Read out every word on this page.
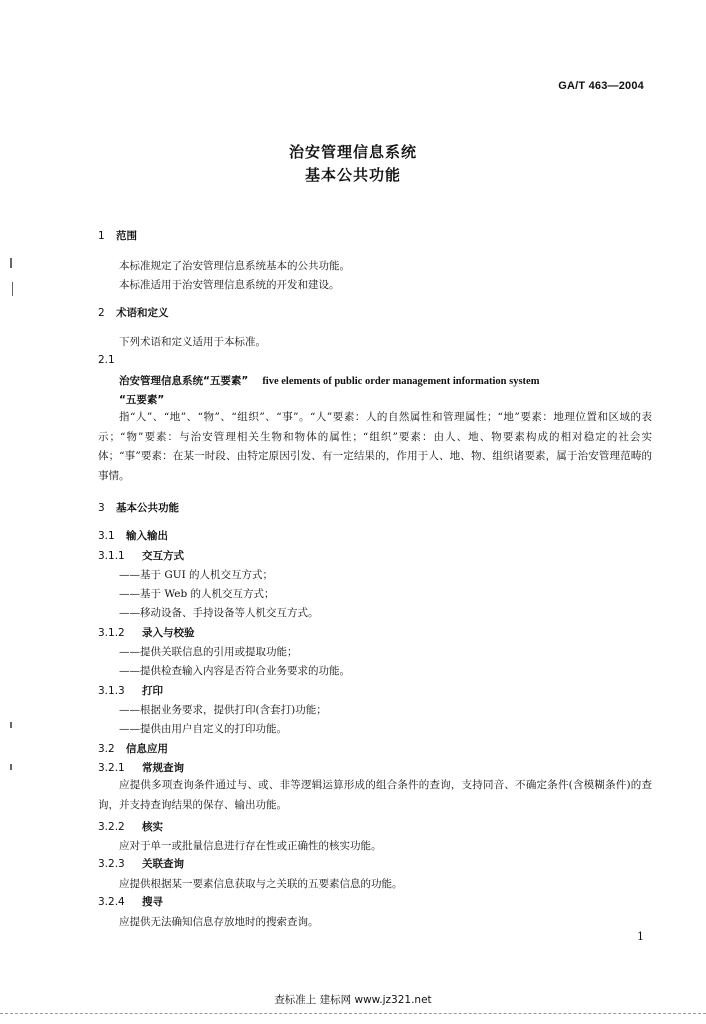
GA/T 463—2004
治安管理信息系统
基本公共功能
1 范围
本标准规定了治安管理信息系统基本的公共功能。
本标准适用于治安管理信息系统的开发和建设。
2 术语和定义
下列术语和定义适用于本标准。
2.1
治安管理信息系统“五要素” five elements of public order management information system
“五要素”
指“人”、“地”、“物”、“组织”、“事”。“人”要素：人的自然属性和管理属性；“地”要素：地理位置和区域的表示；“物”要素：与治安管理相关生物和物体的属性；“组织”要素：由人、地、物要素构成的相对稳定的社会实体；“事”要素：在某一时段、由特定原因引发、有一定结果的，作用于人、地、物、组织诸要素，属于治安管理范畴的事情。
3 基本公共功能
3.1 输入输出
3.1.1 交互方式
——基于 GUI 的人机交互方式；
——基于 Web 的人机交互方式；
——移动设备、手持设备等人机交互方式。
3.1.2 录入与校验
——提供关联信息的引用或提取功能；
——提供检查输入内容是否符合业务要求的功能。
3.1.3 打印
——根据业务要求，提供打印(含套打)功能；
——提供由用户自定义的打印功能。
3.2 信息应用
3.2.1 常规查询
应提供多项查询条件通过与、或、非等逻辑运算形成的组合条件的查询，支持同音、不确定条件(含模糊条件)的查询，并支持查询结果的保存、输出功能。
3.2.2 核实
应对于单一或批量信息进行存在性或正确性的核实功能。
3.2.3 关联查询
应提供根据某一要素信息获取与之关联的五要素信息的功能。
3.2.4 搜寻
应提供无法确知信息存放地时的搜索查询。
1
查标准上 建标网 www.jz321.net
